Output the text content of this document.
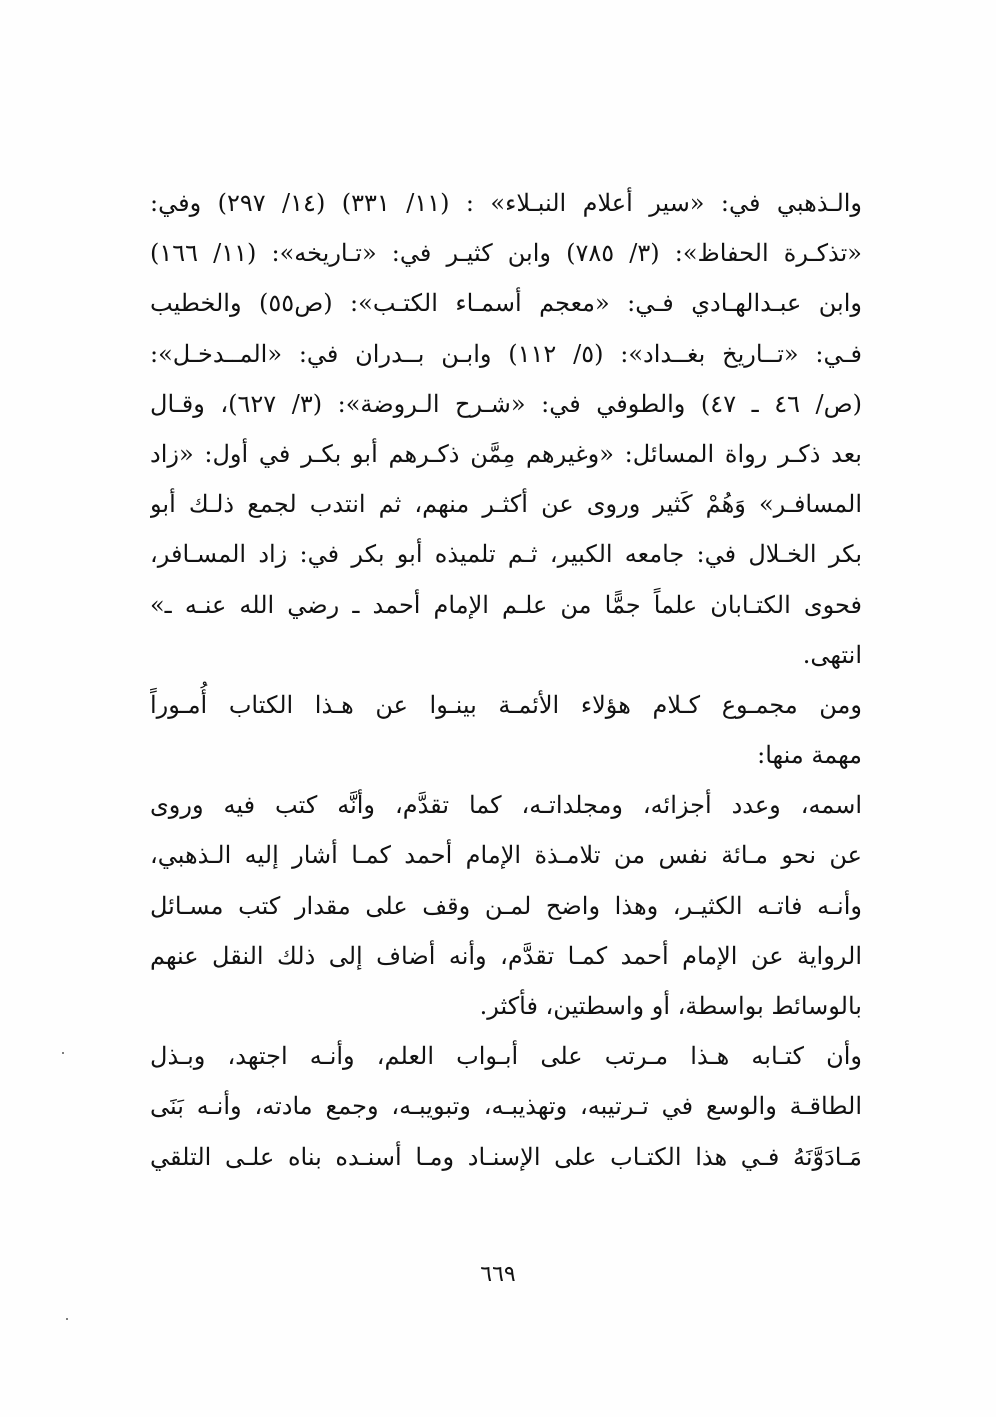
والـذهبي في: «سير أعلام النبـلاء» : (١١/ ٣٣١) (١٤/ ٢٩٧) وفي:
«تذكـرة الحفاظ»: (٣/ ٧٨٥) وابن كثيـر في: «تـاريخه»: (١١/ ١٦٦)
وابن عبـدالهـادي فـي: «معجم أسمـاء الكتـب»: (ص٥٥) والخطيب
فـي: «تــاريخ بغــداد»: (٥/ ١١٢) وابـن بــدران في: «المــدخـل»:
(ص/ ٤٦ ـ ٤٧) والطوفي في: «شـرح الـروضة»: (٣/ ٦٢٧)، وقـال
بعد ذكـر رواة المسائل: «وغيرهم مِمَّن ذكـرهم أبو بكـر في أول: «زاد
المسافـر» وَهُمْ كَثير وروى عن أكثـر منهم، ثم انتدب لجمع ذلـك أبو
بكر الخـلال في: جامعه الكبير، ثـم تلميذه أبو بكر في: زاد المسـافر،
فحوى الكتـابان علماً جمًّا من علـم الإمام أحمد ـ رضي الله عنـه ـ»
انتهى.
ومن مجمـوع كـلام هؤلاء الأئمـة بينـوا عن هـذا الكتاب أُمـوراً
مهمة منها:
اسمه، وعدد أجزائه، ومجلداتـه، كما تقدَّم، وأنَّه كتب فيه وروى
عن نحو مـائة نفس من تلامـذة الإمام أحمد كمـا أشار إليه الـذهبي،
وأنـه فاتـه الكثيـر، وهذا واضح لمـن وقف على مقدار كتب مسـائل
الرواية عن الإمام أحمد كمـا تقدَّم، وأنه أضاف إلى ذلك النقل عنهم
بالوسائط بواسطة، أو واسطتين، فأكثر.
وأن كتـابه هـذا مـرتب على أبـواب العلم، وأنـه اجتهد، وبـذل
الطاقـة والوسع في تـرتيبه، وتهذيبـه، وتبويبـه، وجمع مادته، وأنـه بَنَى
مَـادَوَّنَهُ فـي هذا الكتـاب على الإسنـاد ومـا أسنـده بناه علـى التلقي
٦٦٩
